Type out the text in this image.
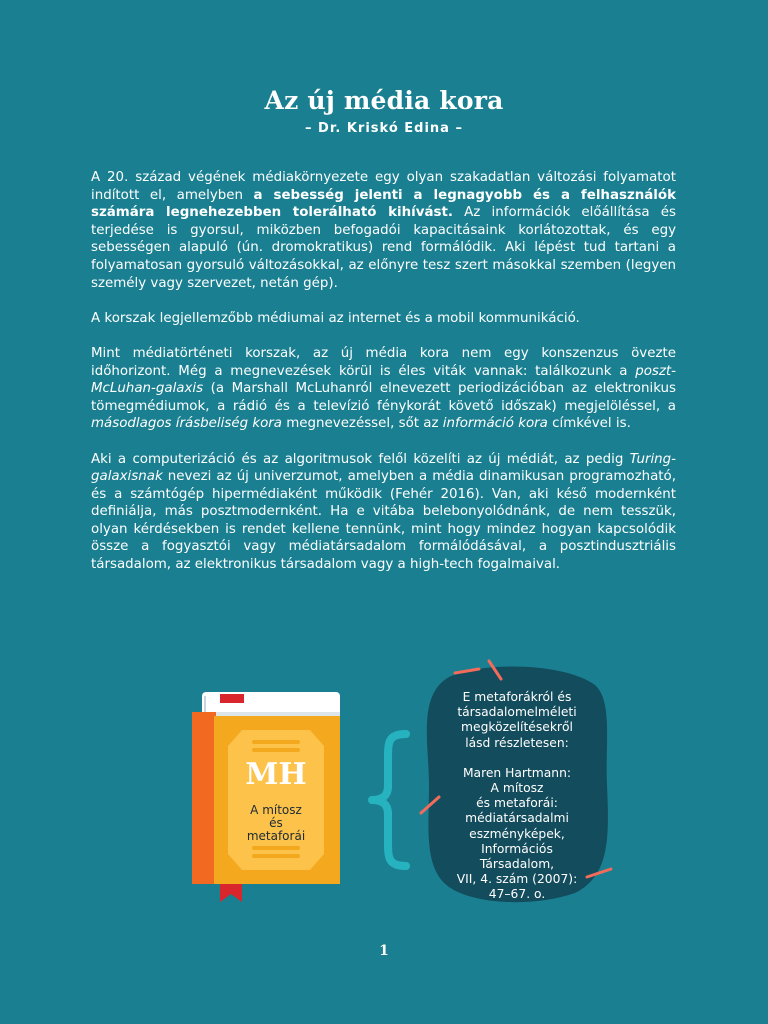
Az új média kora
– Dr. Kriskó Edina –

A 20. század végének médiakörnyezete egy olyan szakadatlan változási folyamatot indított el, amelyben a sebesség jelenti a legnagyobb és a felhasználók számára legnehezebben tolerálható kihívást. Az információk előállítása és terjedése is gyorsul, miközben befogadói kapacitásaink korlátozottak, és egy sebességen alapuló (ún. dromokratikus) rend formálódik. Aki lépést tud tartani a folyamatosan gyorsuló változásokkal, az előnyre tesz szert másokkal szemben (legyen személy vagy szervezet, netán gép).

A korszak legjellemzőbb médiumai az internet és a mobil kommunikáció.

Mint médiatörténeti korszak, az új média kora nem egy konszenzus övezte időhorizont. Még a megnevezések körül is éles viták vannak: találkozunk a poszt-McLuhan-galaxis (a Marshall McLuhanról elnevezett periodizációban az elektronikus tömegmédiumok, a rádió és a televízió fénykorát követő időszak) megjelöléssel, a másodlagos írásbeliség kora megnevezéssel, sőt az információ kora címkével is.

Aki a computerizáció és az algoritmusok felől közelíti az új médiát, az pedig Turing-galaxisnak nevezi az új univerzumot, amelyben a média dinamikusan programozható, és a számtógép hipermédiaként működik (Fehér 2016). Van, aki késő modernként definiálja, más posztmodernként. Ha e vitába belebonyolódnánk, de nem tesszük, olyan kérdésekben is rendet kellene tennünk, mint hogy mindez hogyan kapcsolódik össze a fogyasztói vagy médiatársadalom formálódásával, a posztindusztriális társadalom, az elektronikus társadalom vagy a high-tech fogalmaival.

MH
A mítosz
és
metaforái
E metaforákról és
társadalomelméleti
megközelítésekről
lásd részletesen:
Maren Hartmann:
A mítosz
és metaforái:
médiatársadalmi
eszményképek,
Információs
Társadalom,
VII, 4. szám (2007):
47–67. o.
1
